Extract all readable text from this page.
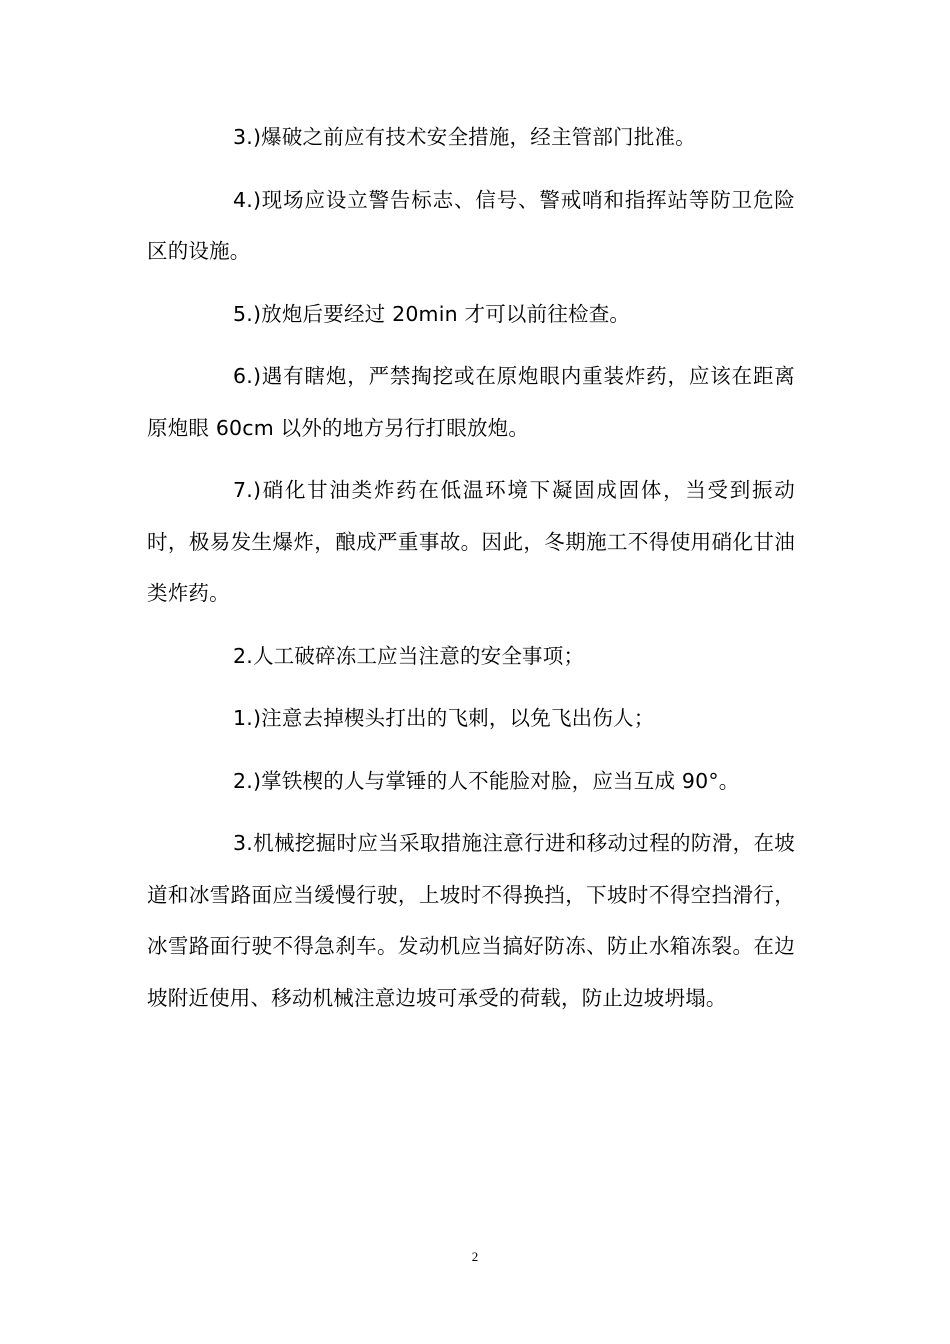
3.)爆破之前应有技术安全措施，经主管部门批准。

4.)现场应设立警告标志、信号、警戒哨和指挥站等防卫危险区的设施。

5.)放炮后要经过 20min 才可以前往检查。

6.)遇有瞎炮，严禁掏挖或在原炮眼内重装炸药，应该在距离原炮眼 60cm 以外的地方另行打眼放炮。

7.)硝化甘油类炸药在低温环境下凝固成固体，当受到振动时，极易发生爆炸，酿成严重事故。因此，冬期施工不得使用硝化甘油类炸药。

2.人工破碎冻工应当注意的安全事项；

1.)注意去掉楔头打出的飞刺，以免飞出伤人；

2.)掌铁楔的人与掌锤的人不能脸对脸，应当互成 90°。

3.机械挖掘时应当采取措施注意行进和移动过程的防滑，在坡道和冰雪路面应当缓慢行驶，上坡时不得换挡，下坡时不得空挡滑行，冰雪路面行驶不得急刹车。发动机应当搞好防冻、防止水箱冻裂。在边坡附近使用、移动机械注意边坡可承受的荷载，防止边坡坍塌。

2
